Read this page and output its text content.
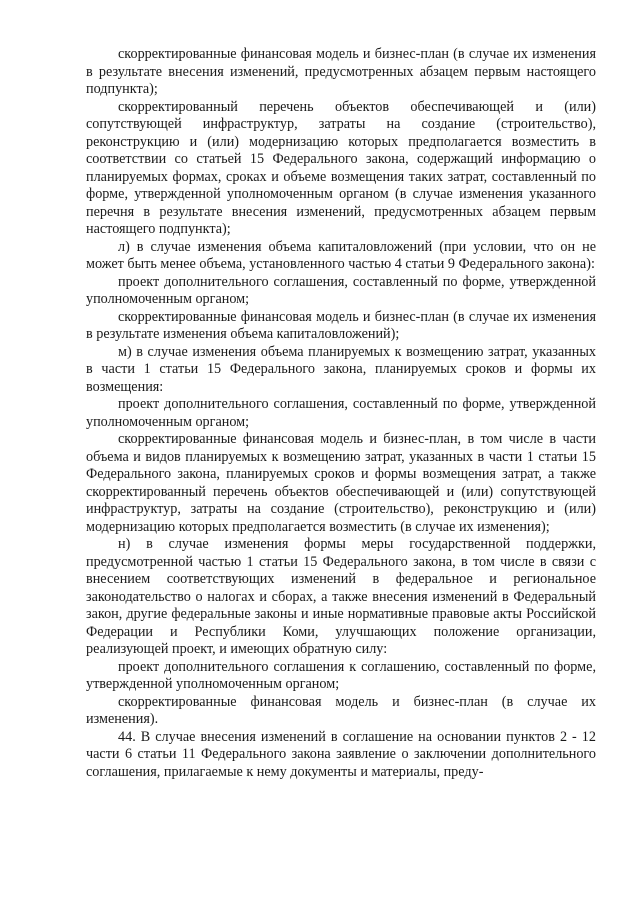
скорректированные финансовая модель и бизнес-план (в случае их изменения в результате внесения изменений, предусмотренных абзацем первым настоящего подпункта);

скорректированный перечень объектов обеспечивающей и (или) сопутствующей инфраструктур, затраты на создание (строительство), реконструкцию и (или) модернизацию которых предполагается возместить в соответствии со статьей 15 Федерального закона, содержащий информацию о планируемых формах, сроках и объеме возмещения таких затрат, составленный по форме, утвержденной уполномоченным органом (в случае изменения указанного перечня в результате внесения изменений, предусмотренных абзацем первым настоящего подпункта);

л) в случае изменения объема капиталовложений (при условии, что он не может быть менее объема, установленного частью 4 статьи 9 Федерального закона):

проект дополнительного соглашения, составленный по форме, утвержденной уполномоченным органом;

скорректированные финансовая модель и бизнес-план (в случае их изменения в результате изменения объема капиталовложений);

м) в случае изменения объема планируемых к возмещению затрат, указанных в части 1 статьи 15 Федерального закона, планируемых сроков и формы их возмещения:

проект дополнительного соглашения, составленный по форме, утвержденной уполномоченным органом;

скорректированные финансовая модель и бизнес-план, в том числе в части объема и видов планируемых к возмещению затрат, указанных в части 1 статьи 15 Федерального закона, планируемых сроков и формы возмещения затрат, а также скорректированный перечень объектов обеспечивающей и (или) сопутствующей инфраструктур, затраты на создание (строительство), реконструкцию и (или) модернизацию которых предполагается возместить (в случае их изменения);

н) в случае изменения формы меры государственной поддержки, предусмотренной частью 1 статьи 15 Федерального закона, в том числе в связи с внесением соответствующих изменений в федеральное и региональное законодательство о налогах и сборах, а также внесения изменений в Федеральный закон, другие федеральные законы и иные нормативные правовые акты Российской Федерации и Республики Коми, улучшающих положение организации, реализующей проект, и имеющих обратную силу:

проект дополнительного соглашения к соглашению, составленный по форме, утвержденной уполномоченным органом;

скорректированные финансовая модель и бизнес-план (в случае их изменения).

44. В случае внесения изменений в соглашение на основании пунктов 2 - 12 части 6 статьи 11 Федерального закона заявление о заключении дополнительного соглашения, прилагаемые к нему документы и материалы, преду-
